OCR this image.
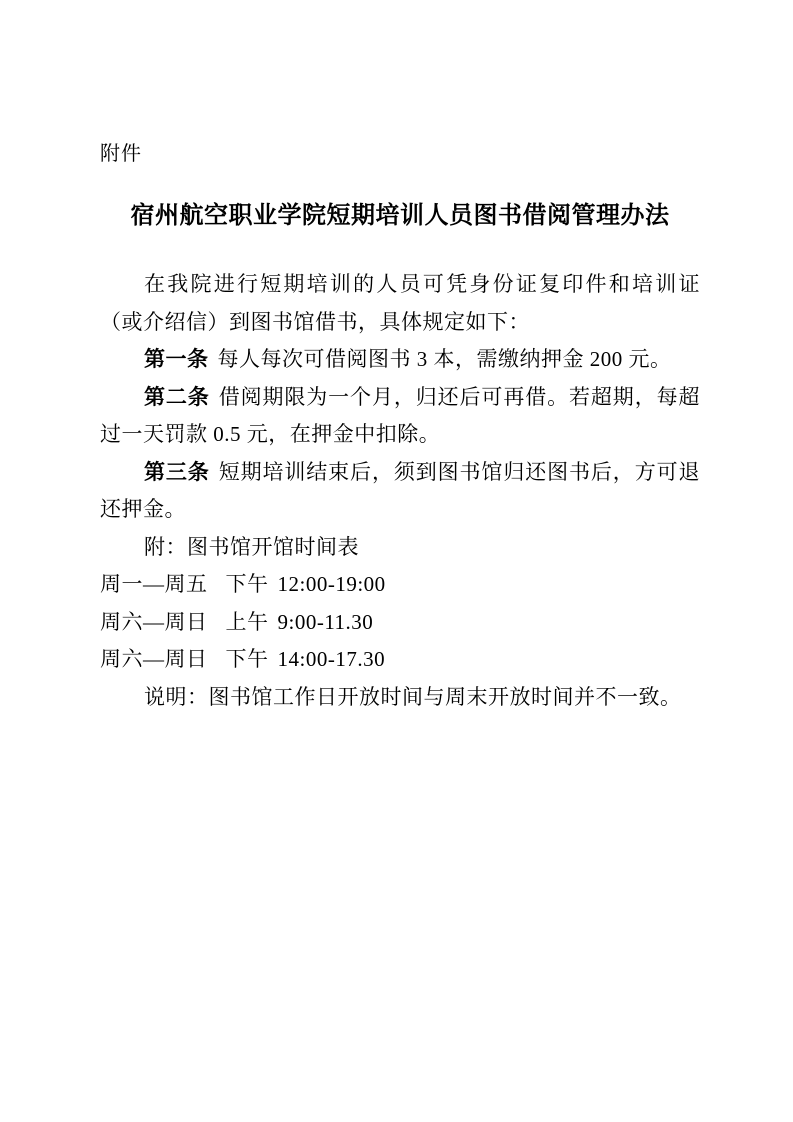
附件
宿州航空职业学院短期培训人员图书借阅管理办法

在我院进行短期培训的人员可凭身份证复印件和培训证（或介绍信）到图书馆借书，具体规定如下：

第一条 每人每次可借阅图书 3 本，需缴纳押金 200 元。

第二条 借阅期限为一个月，归还后可再借。若超期，每超过一天罚款 0.5 元，在押金中扣除。

第三条 短期培训结束后，须到图书馆归还图书后，方可退还押金。

附：图书馆开馆时间表

周一—周五 下午 12:00-19:00

周六—周日 上午 9:00-11.30

周六—周日 下午 14:00-17.30

说明：图书馆工作日开放时间与周末开放时间并不一致。
